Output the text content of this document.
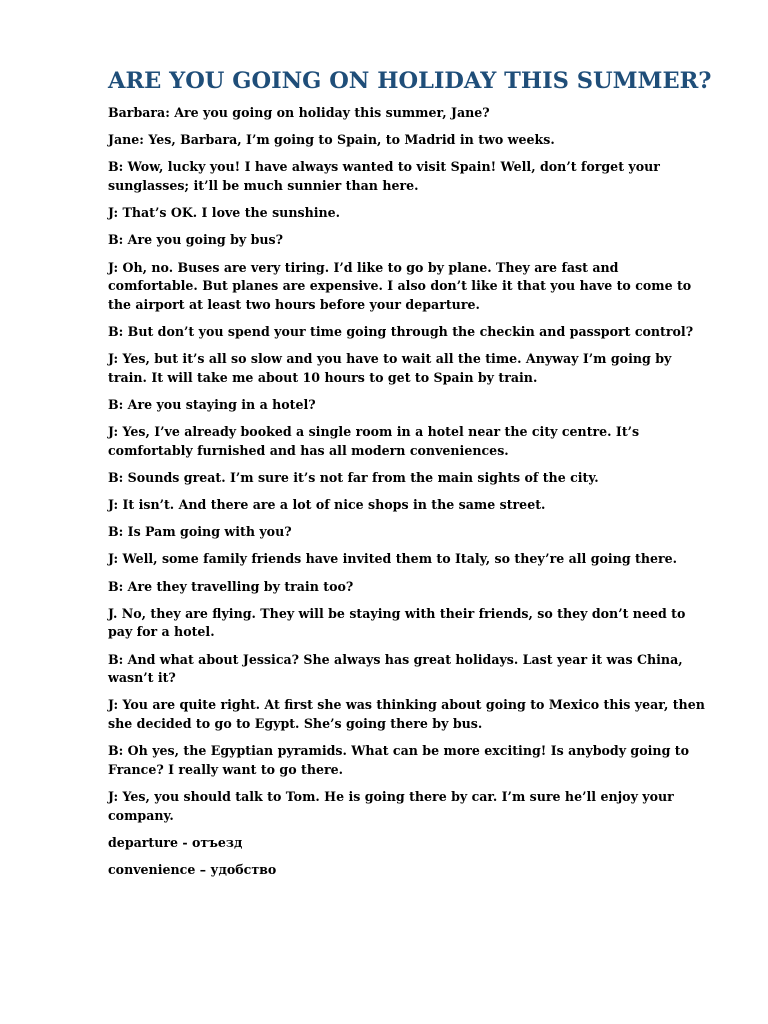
ARE YOU GOING ON HOLIDAY THIS SUMMER?

Barbara: Are you going on holiday this summer, Jane?

Jane: Yes, Barbara, I’m going to Spain, to Madrid in two weeks.

B: Wow, lucky you! I have always wanted to visit Spain! Well, don’t forget your sunglasses; it’ll be much sunnier than here.

J: That’s OK. I love the sunshine.

B: Are you going by bus?

J: Oh, no. Buses are very tiring. I’d like to go by plane. They are fast and comfortable. But planes are expensive. I also don’t like it that you have to come to the airport at least two hours before your departure.

B: But don’t you spend your time going through the checkin and passport control?

J: Yes, but it’s all so slow and you have to wait all the time. Anyway I’m going by train. It will take me about 10 hours to get to Spain by train.

B: Are you staying in a hotel?

J: Yes, I’ve already booked a single room in a hotel near the city centre. It’s comfortably furnished and has all modern conveniences.

B: Sounds great. I’m sure it’s not far from the main sights of the city.

J: It isn’t. And there are a lot of nice shops in the same street.

B: Is Pam going with you?

J: Well, some family friends have invited them to Italy, so they’re all going there.

B: Are they travelling by train too?

J. No, they are flying. They will be staying with their friends, so they don’t need to pay for a hotel.

B: And what about Jessica? She always has great holidays. Last year it was China, wasn’t it?

J: You are quite right. At first she was thinking about going to Mexico this year, then she decided to go to Egypt. She’s going there by bus.

B: Oh yes, the Egyptian pyramids. What can be more exciting! Is anybody going to France? I really want to go there.

J: Yes, you should talk to Tom. He is going there by car. I’m sure he’ll enjoy your company.

departure - отъезд

convenience – удобство
